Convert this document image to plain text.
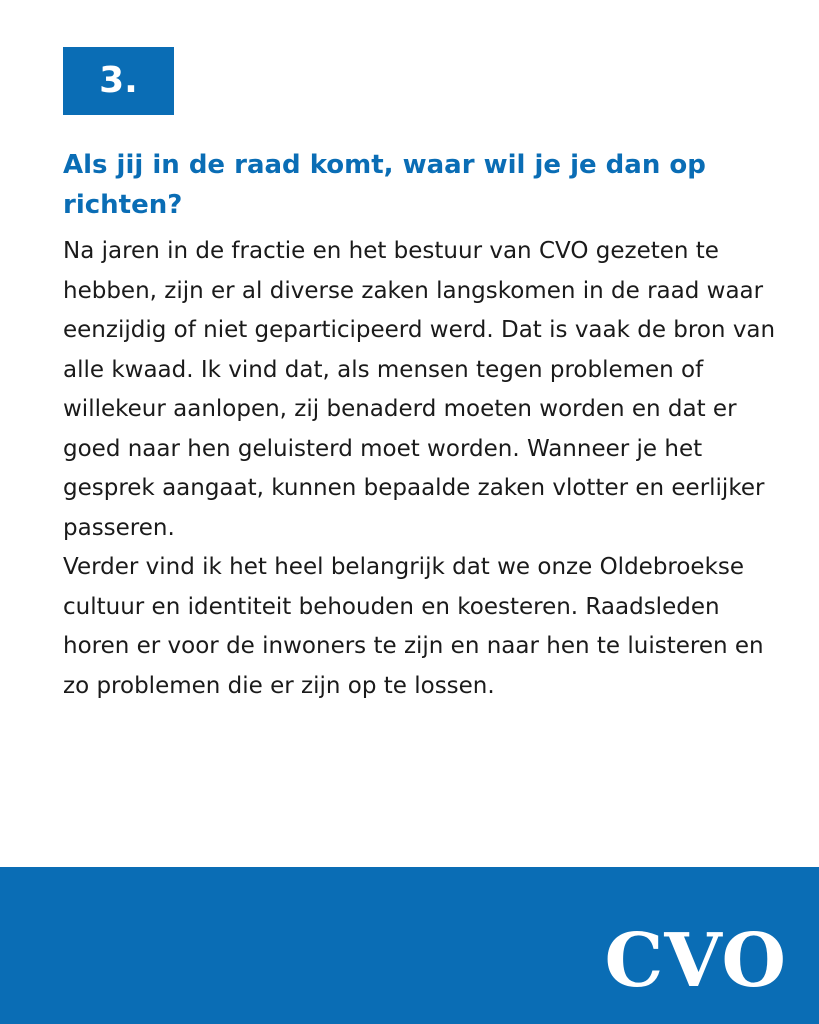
3.
Als jij in de raad komt, waar wil je je dan op richten?

Na jaren in de fractie en het bestuur van CVO gezeten te hebben, zijn er al diverse zaken langskomen in de raad waar eenzijdig of niet geparticipeerd werd. Dat is vaak de bron van alle kwaad. Ik vind dat, als mensen tegen problemen of willekeur aanlopen, zij benaderd moeten worden en dat er goed naar hen geluisterd moet worden. Wanneer je het gesprek aangaat, kunnen bepaalde zaken vlotter en eerlijker passeren.

Verder vind ik het heel belangrijk dat we onze Oldebroekse cultuur en identiteit behouden en koesteren. Raadsleden horen er voor de inwoners te zijn en naar hen te luisteren en zo problemen die er zijn op te lossen.

CVO
